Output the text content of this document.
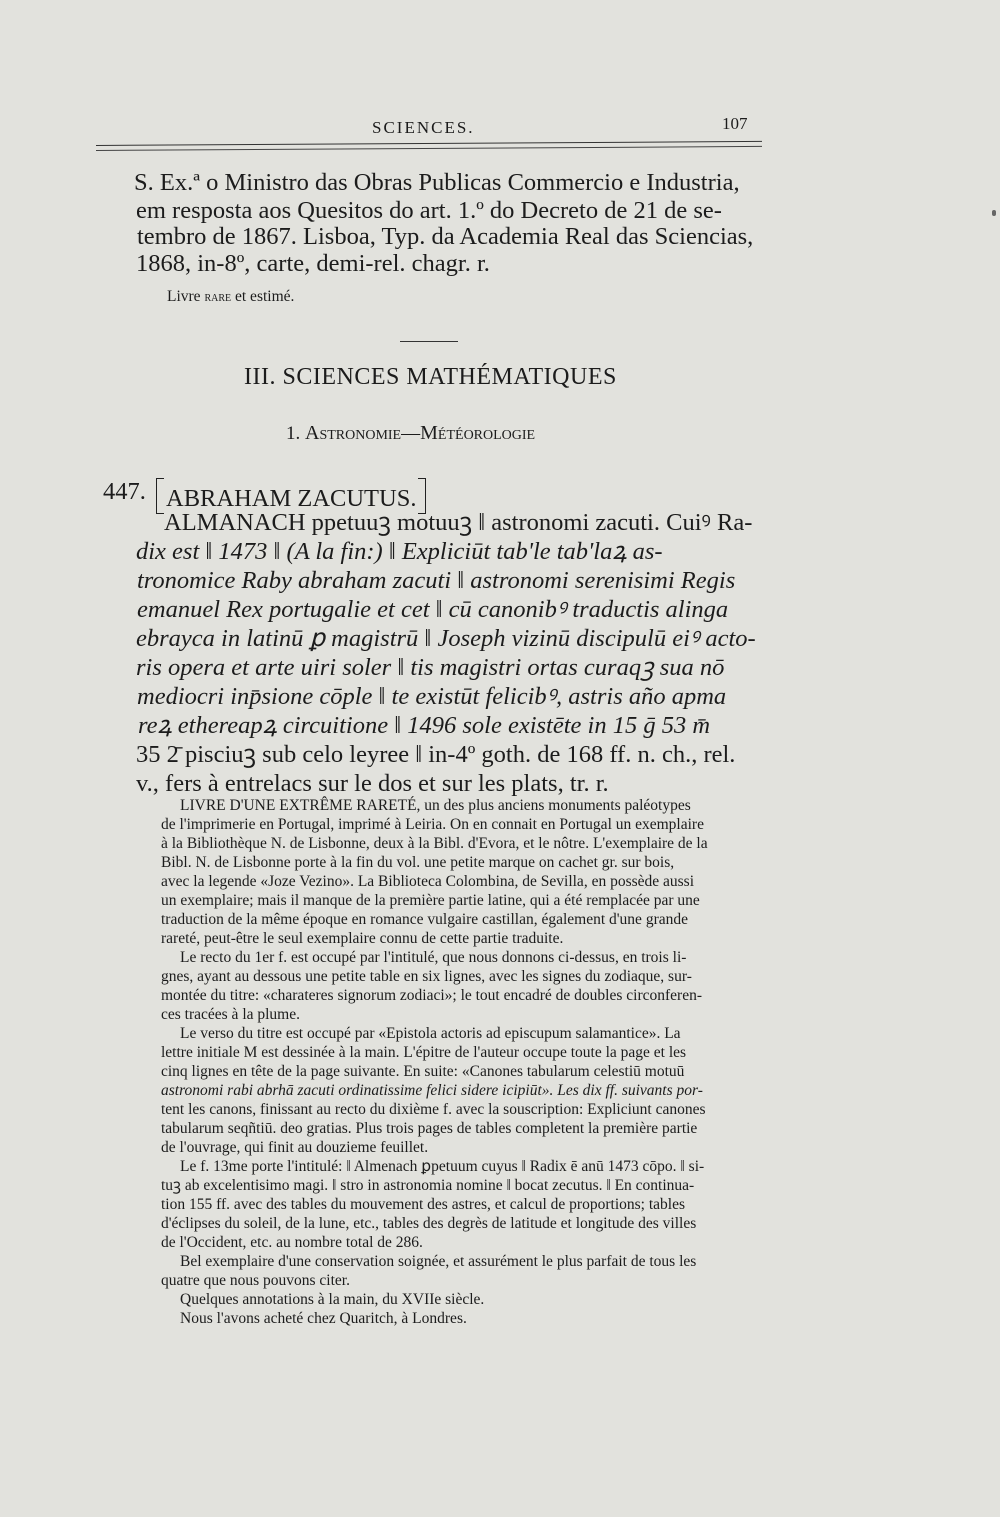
SCIENCES.	107
S. Ex.ª o Ministro das Obras Publicas Commercio e Industria,
em resposta aos Quesitos do art. 1.º do Decreto de 21 de se-
tembro de 1867. Lisboa, Typ. da Academia Real das Sciencias,
1868, in-8º, carte, demi-rel. chagr. r.
Livre rare et estimé.
III. SCIENCES MATHÉMATIQUES
1. Astronomie—Météorologie
447. ABRAHAM ZACUTUS.
ALMANACH ppetuuꝫ motuuꝫ ‖ astronomi zacuti. Cuiꝰ Ra-
dix est ‖ 1473 ‖ (A la fin:) ‖ Expliciūt tab'le tab'laꝝ as-
tronomice Raby abraham zacuti ‖ astronomi serenisimi Regis
emanuel Rex portugalie et cet ‖ cū canonibꝰ traductis alinga
ebrayca in latinū ꝑ magistrū ‖ Joseph vizinū discipulū eiꝰ acto-
ris opera et arte uiri soler ‖ tis magistri ortas curaqꝫ sua nō
mediocri inp̄sione cōple ‖ te existūt felicibꝰ, astris año apma
reꝝ ethereарꝝ circuitione ‖ 1496 sole existēte in 15 ḡ 53 m̄
35 2̄ pisciuꝫ sub celo leyree ‖ in-4º goth. de 168 ff. n. ch., rel.
v., fers à entrelacs sur le dos et sur les plats, tr. r.
LIVRE D'UNE EXTRÊME RARETÉ, un des plus anciens monuments paléotypes
de l'imprimerie en Portugal, imprimé à Leiria. On en connait en Portugal un exemplaire
à la Bibliothèque N. de Lisbonne, deux à la Bibl. d'Evora, et le nôtre. L'exemplaire de la
Bibl. N. de Lisbonne porte à la fin du vol. une petite marque on cachet gr. sur bois,
avec la legende «Joze Vezino». La Biblioteca Colombina, de Sevilla, en possède aussi
un exemplaire; mais il manque de la première partie latine, qui a été remplacée par une
traduction de la même époque en romance vulgaire castillan, également d'une grande
rareté, peut-être le seul exemplaire connu de cette partie traduite.
Le recto du 1er f. est occupé par l'intitulé, que nous donnons ci-dessus, en trois li-
gnes, ayant au dessous une petite table en six lignes, avec les signes du zodiaque, sur-
montée du titre: «charateres signorum zodiaci»; le tout encadré de doubles circonferen-
ces tracées à la plume.
Le verso du titre est occupé par «Epistola actoris ad episcupum salamantice». La
lettre initiale M est dessinée à la main. L'épitre de l'auteur occupe toute la page et les
cinq lignes en tête de la page suivante. En suite: «Canones tabularum celestiū motuū
astronomi rabi abrhā zacuti ordinatissime felici sidere icipiūt». Les dix ff. suivants por-
tent les canons, finissant au recto du dixième f. avec la souscription: Expliciunt canones
tabularum seqñtiū. deo gratias. Plus trois pages de tables completent la première partie
de l'ouvrage, qui finit au douzieme feuillet.
Le f. 13me porte l'intitulé: ‖ Almenach ꝑpetuum cuyus ‖ Radix ē anū 1473 cōpo. ‖ si-
tuꝫ ab excelentisimo magi. ‖ stro in astronomia nomine ‖ bocat zecutus. ‖ En continua-
tion 155 ff. avec des tables du mouvement des astres, et calcul de proportions; tables
d'éclipses du soleil, de la lune, etc., tables des degrès de latitude et longitude des villes
de l'Occident, etc. au nombre total de 286.
Bel exemplaire d'une conservation soignée, et assurément le plus parfait de tous les
quatre que nous pouvons citer.
Quelques annotations à la main, du XVIIe siècle.
Nous l'avons acheté chez Quaritch, à Londres.
